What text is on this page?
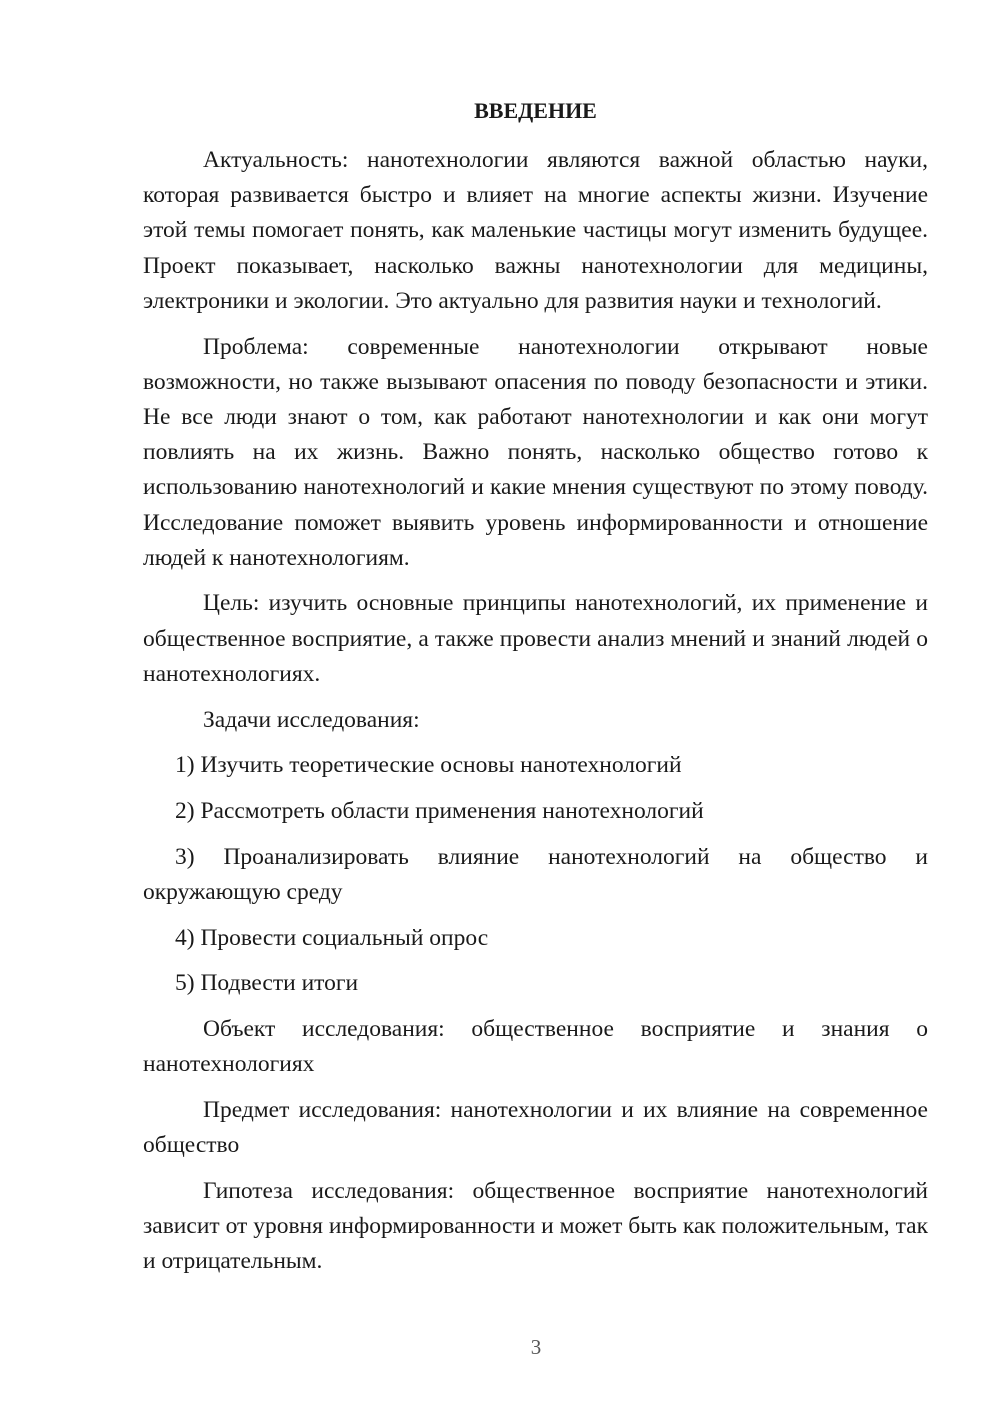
ВВЕДЕНИЕ

Актуальность: нанотехнологии являются важной областью науки, которая развивается быстро и влияет на многие аспекты жизни. Изучение этой темы помогает понять, как маленькие частицы могут изменить будущее. Проект показывает, насколько важны нанотехнологии для медицины, электроники и экологии. Это актуально для развития науки и технологий.

Проблема: современные нанотехнологии открывают новые возможности, но также вызывают опасения по поводу безопасности и этики. Не все люди знают о том, как работают нанотехнологии и как они могут повлиять на их жизнь. Важно понять, насколько общество готово к использованию нанотехнологий и какие мнения существуют по этому поводу. Исследование поможет выявить уровень информированности и отношение людей к нанотехнологиям.

Цель: изучить основные принципы нанотехнологий, их применение и общественное восприятие, а также провести анализ мнений и знаний людей о нанотехнологиях.

Задачи исследования:

1) Изучить теоретические основы нанотехнологий

2) Рассмотреть области применения нанотехнологий

3) Проанализировать влияние нанотехнологий на общество и окружающую среду

4) Провести социальный опрос

5) Подвести итоги

Объект исследования: общественное восприятие и знания о нанотехнологиях

Предмет исследования: нанотехнологии и их влияние на современное общество

Гипотеза исследования: общественное восприятие нанотехнологий зависит от уровня информированности и может быть как положительным, так и отрицательным.

3
